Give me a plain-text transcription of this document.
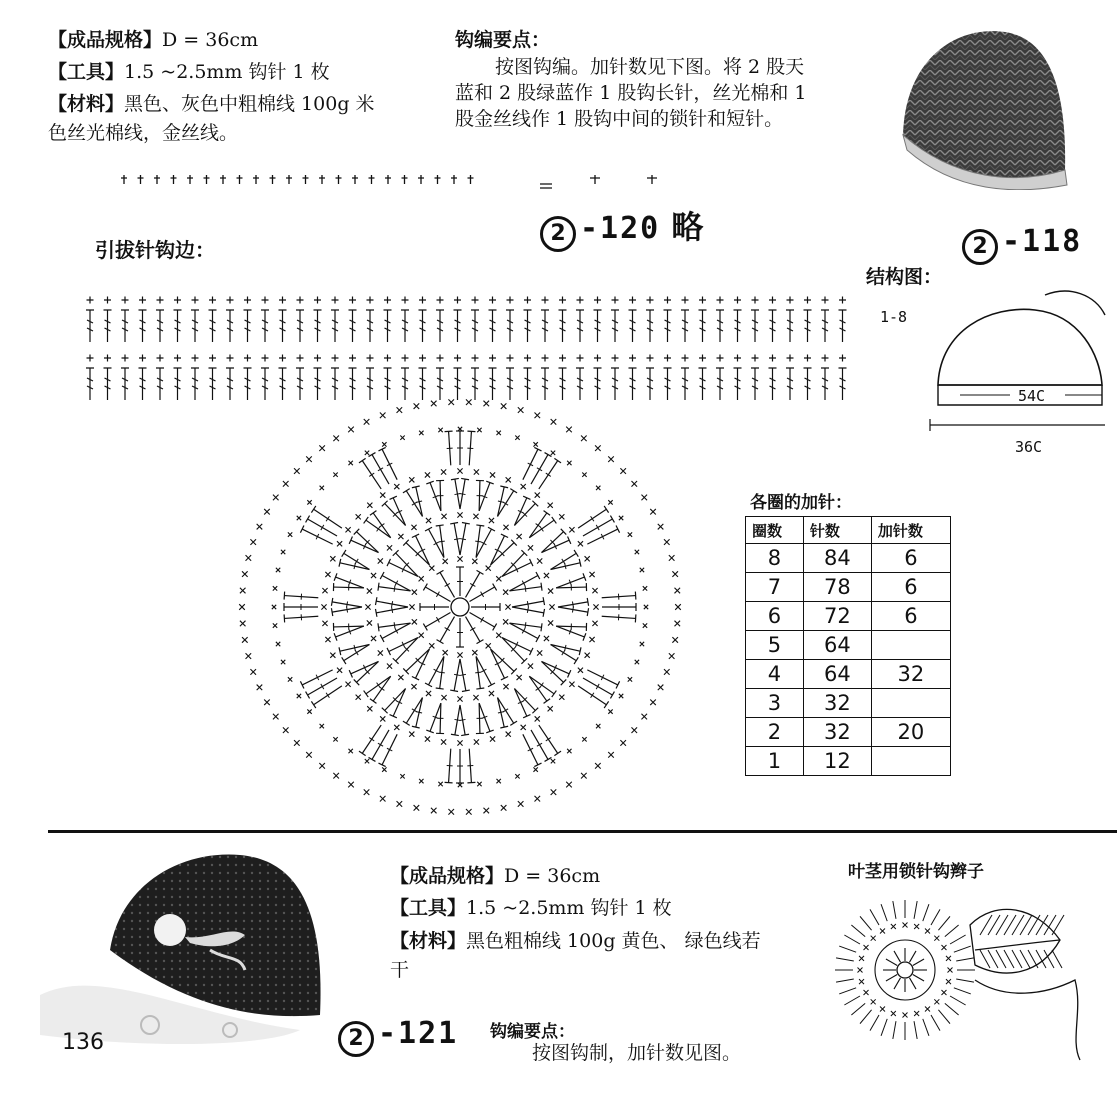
【成品规格】D = 36cm
【工具】1.5 ~2.5mm 钩针 1 枚
【材料】黑色、灰色中粗棉线 100g 米
色丝光棉线，金丝线。
钩编要点：
按图钩编。加针数见下图。将 2 股天
蓝和 2 股绿蓝作 1 股钩长针，丝光棉和 1
股金丝线作 1 股钩中间的锁针和短针。
2 -120 略	2 -118
引拔针钩边：
结构图：
1-8
54C
36C
各圈的加针：
圈数	针数	加针数
8	84	6
7	78	6
6	72	6
5	64	
4	64	32
3	32	
2	32	20
1	12	
【成品规格】D = 36cm
【工具】1.5 ~2.5mm 钩针 1 枚
【材料】黑色粗棉线 100g 黄色、 绿色线若
干
2 -121 钩编要点：
按图钩制，加针数见图。
136
叶茎用锁针钩辫子
